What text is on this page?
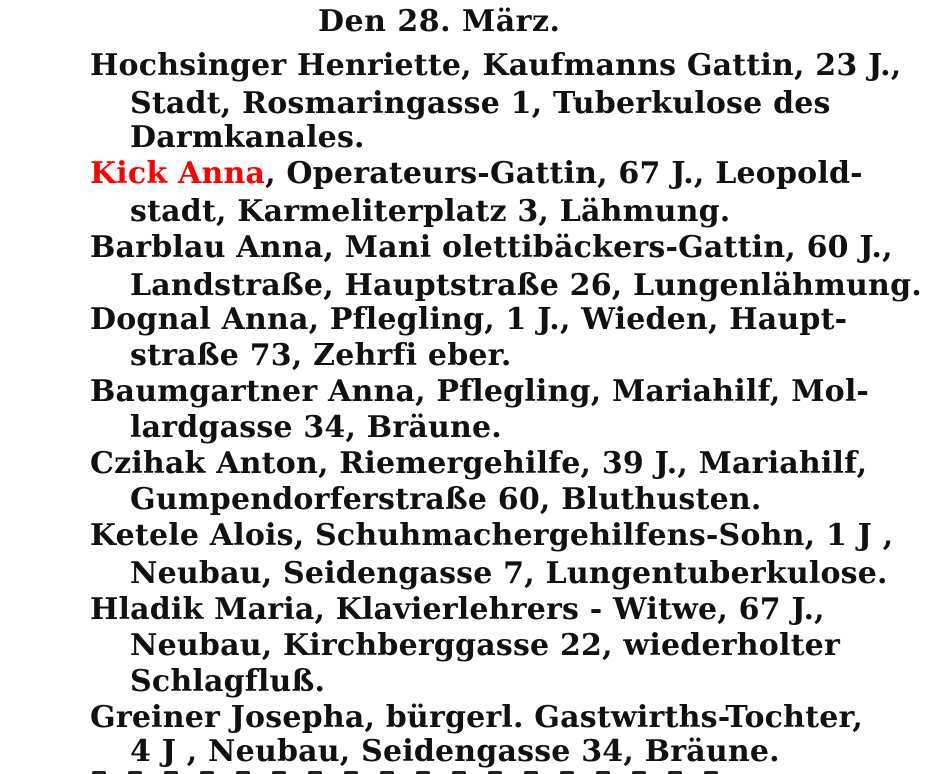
Den 28. März.
Hochsinger Henriette, Kaufmanns Gattin, 23 J.,
Stadt, Rosmaringasse 1, Tuberkulose des
Darmkanales.
Kick Anna, Operateurs-Gattin, 67 J., Leopold-
stadt, Karmeliterplatz 3, Lähmung.
Barblau Anna, Mani olettibäckers-Gattin, 60 J.,
Landstraße, Hauptstraße 26, Lungenlähmung.
Dognal Anna, Pflegling, 1 J., Wieden, Haupt-
straße 73, Zehrfi eber.
Baumgartner Anna, Pflegling, Mariahilf, Mol-
lardgasse 34, Bräune.
Czihak Anton, Riemergehilfe, 39 J., Mariahilf,
Gumpendorferstraße 60, Bluthusten.
Ketele Alois, Schuhmachergehilfens-Sohn, 1 J ,
Neubau, Seidengasse 7, Lungentuberkulose.
Hladik Maria, Klavierlehrers - Witwe, 67 J.,
Neubau, Kirchberggasse 22, wiederholter
Schlagfluß.
Greiner Josepha, bürgerl. Gastwirths-Tochter,
4 J , Neubau, Seidengasse 34, Bräune.
